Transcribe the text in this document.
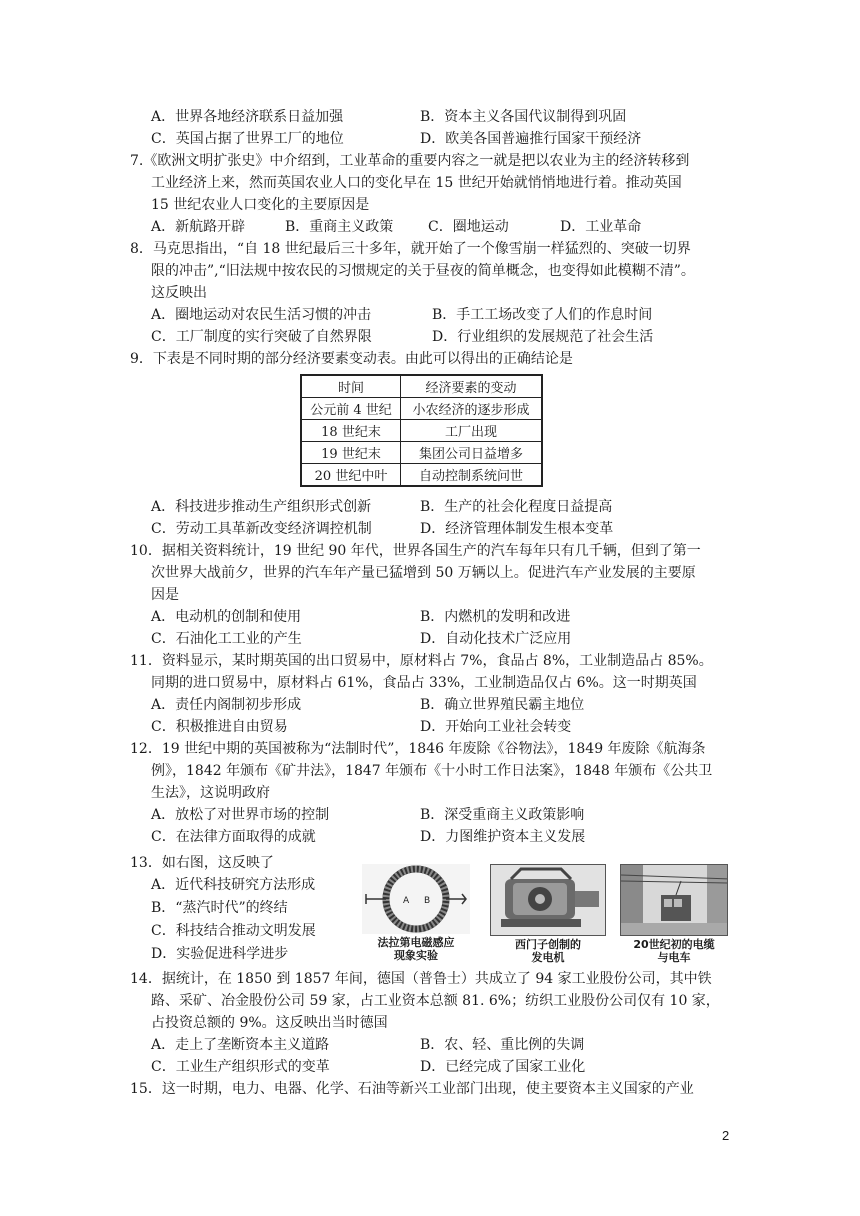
时间	经济要素的变动
公元前 4 世纪	小农经济的逐步形成
18 世纪末	工厂出现
19 世纪末	集团公司日益增多
20 世纪中叶	自动控制系统问世
A B
法拉第电磁感应
现象实验
西门子创制的
发电机
20世纪初的电缆
与电车
2
A．世界各地经济联系日益加强	B．资本主义各国代议制得到巩固
C．英国占据了世界工厂的地位	D．欧美各国普遍推行国家干预经济
7.《欧洲文明扩张史》中介绍到，工业革命的重要内容之一就是把以农业为主的经济转移到
工业经济上来，然而英国农业人口的变化早在 15 世纪开始就悄悄地进行着。推动英国
15 世纪农业人口变化的主要原因是
A．新航路开辟	B．重商主义政策 C．圈地运动	D．工业革命
8．马克思指出，“自 18 世纪最后三十多年，就开始了一个像雪崩一样猛烈的、突破一切界
限的冲击”,“旧法规中按农民的习惯规定的关于昼夜的简单概念，也变得如此模糊不清”。
这反映出
A．圈地运动对农民生活习惯的冲击	B．手工工场改变了人们的作息时间
C．工厂制度的实行突破了自然界限	D．行业组织的发展规范了社会生活
9．下表是不同时期的部分经济要素变动表。由此可以得出的正确结论是
A．科技进步推动生产组织形式创新	B．生产的社会化程度日益提高
C．劳动工具革新改变经济调控机制	D．经济管理体制发生根本变革
10．据相关资料统计，19 世纪 90 年代，世界各国生产的汽车每年只有几千辆，但到了第一
次世界大战前夕，世界的汽车年产量已猛增到 50 万辆以上。促进汽车产业发展的主要原
因是
A．电动机的创制和使用	B．内燃机的发明和改进
C．石油化工工业的产生	D．自动化技术广泛应用
11．资料显示，某时期英国的出口贸易中，原材料占 7%，食品占 8%，工业制造品占 85%。
同期的进口贸易中，原材料占 61%，食品占 33%，工业制造品仅占 6%。这一时期英国
A．责任内阁制初步形成	B．确立世界殖民霸主地位
C．积极推进自由贸易	D．开始向工业社会转变
12．19 世纪中期的英国被称为“法制时代”，1846 年废除《谷物法》，1849 年废除《航海条
例》，1842 年颁布《矿井法》，1847 年颁布《十小时工作日法案》，1848 年颁布《公共卫
生法》，这说明政府
A．放松了对世界市场的控制	B．深受重商主义政策影响
C．在法律方面取得的成就	D．力图维护资本主义发展
13．如右图，这反映了
A．近代科技研究方法形成
B．“蒸汽时代”的终结
C．科技结合推动文明发展
D．实验促进科学进步
14．据统计，在 1850 到 1857 年间，德国（普鲁士）共成立了 94 家工业股份公司，其中铁
路、采矿、冶金股份公司 59 家，占工业资本总额 81. 6%；纺织工业股份公司仅有 10 家，
占投资总额的 9%。这反映出当时德国
A．走上了垄断资本主义道路	B．农、轻、重比例的失调
C．工业生产组织形式的变革	D．已经完成了国家工业化
15．这一时期，电力、电器、化学、石油等新兴工业部门出现，使主要资本主义国家的产业
